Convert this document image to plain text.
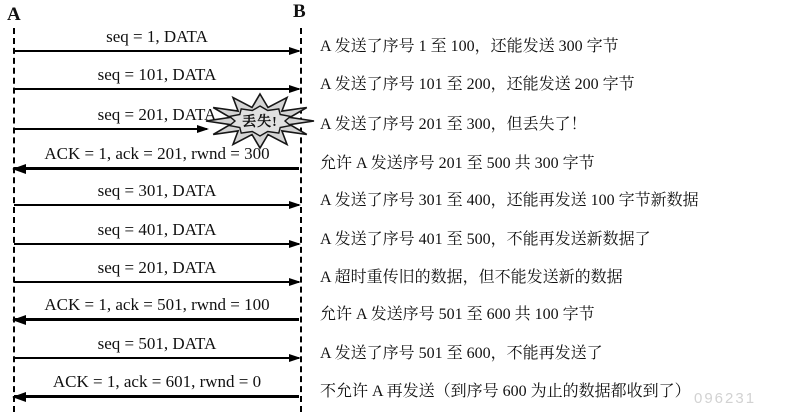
A	B
seq = 1, DATA
A 发送了序号 1 至 100，还能发送 300 字节
seq = 101, DATA
A 发送了序号 101 至 200，还能发送 200 字节
seq = 201, DATA
A 发送了序号 201 至 300，但丢失了！
ACK = 1, ack = 201, rwnd = 300
允许 A 发送序号 201 至 500 共 300 字节
seq = 301, DATA
A 发送了序号 301 至 400，还能再发送 100 字节新数据
seq = 401, DATA
A 发送了序号 401 至 500，不能再发送新数据了
seq = 201, DATA
A 超时重传旧的数据，但不能发送新的数据
ACK = 1, ack = 501, rwnd = 100
允许 A 发送序号 501 至 600 共 100 字节
seq = 501, DATA
A 发送了序号 501 至 600，不能再发送了
ACK = 1, ack = 601, rwnd = 0
不允许 A 再发送（到序号 600 为止的数据都收到了）
丢失!
096231
